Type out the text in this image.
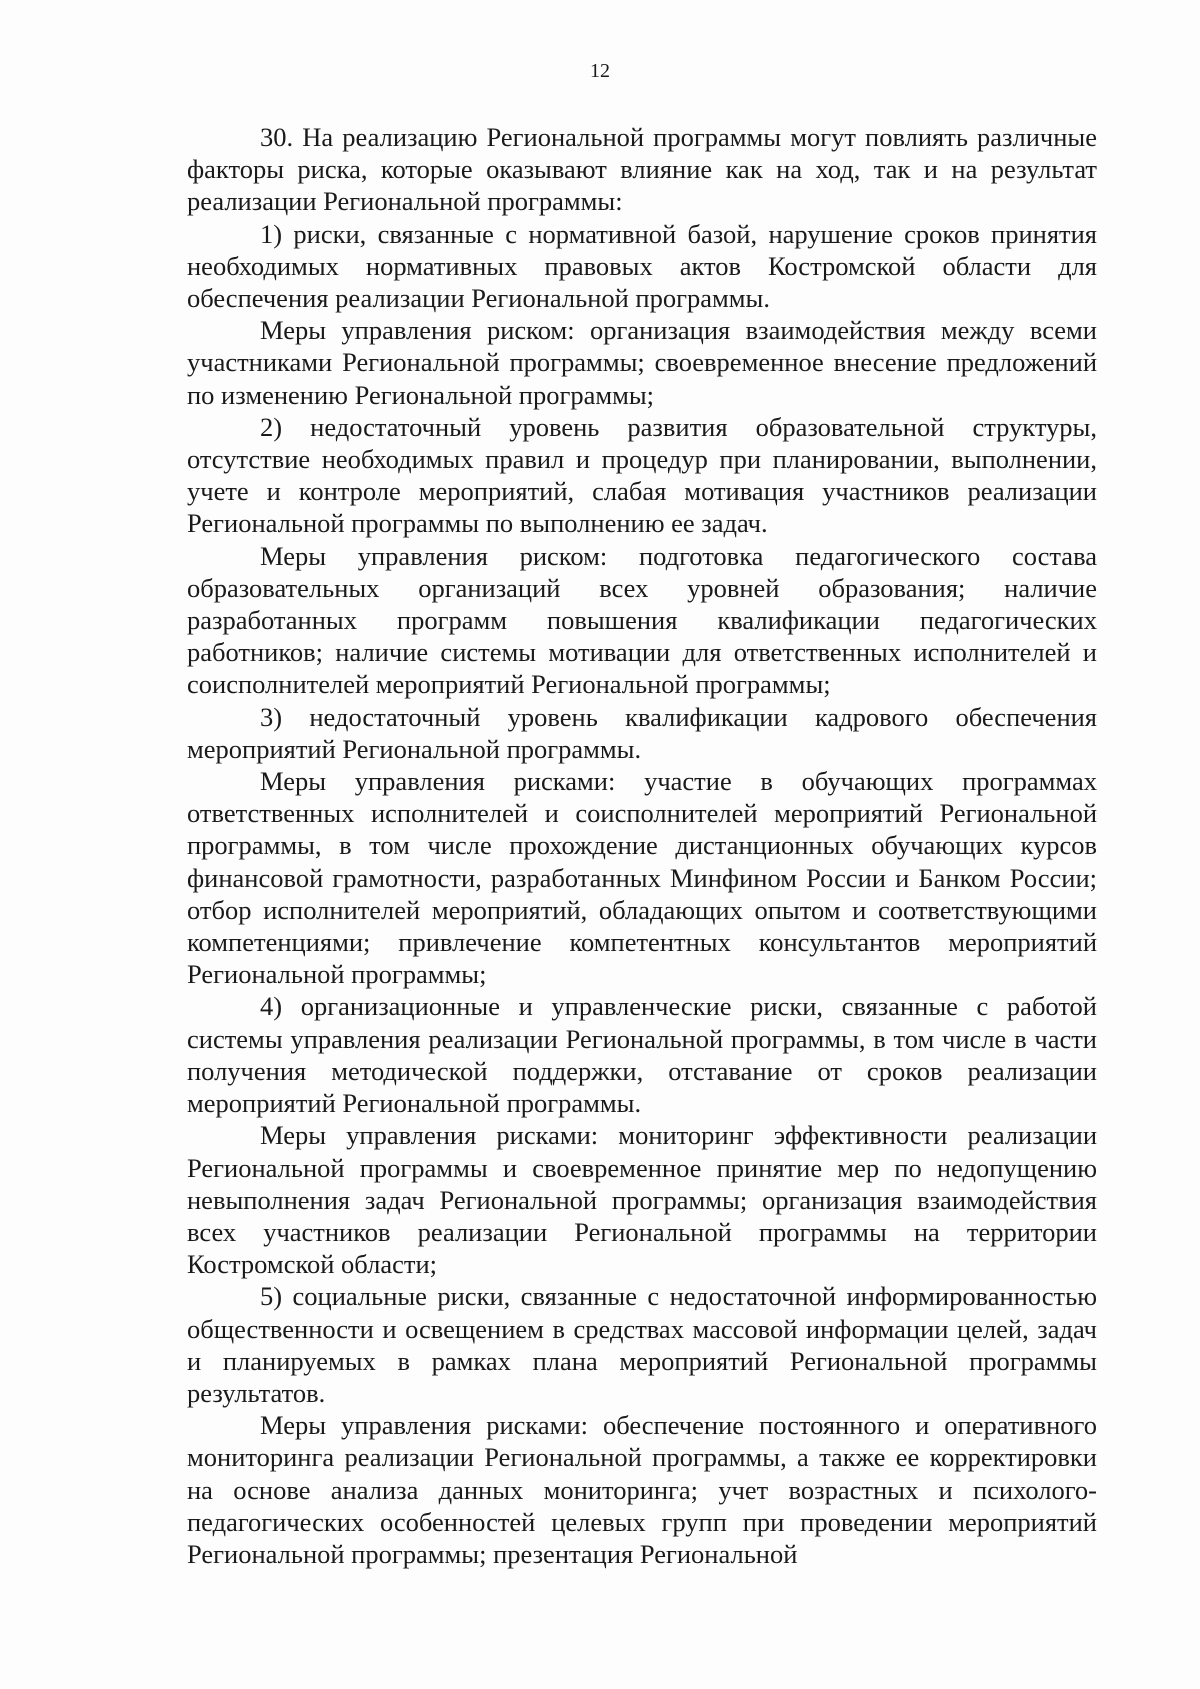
12

30. На реализацию Региональной программы могут повлиять различные факторы риска, которые оказывают влияние как на ход, так и на результат реализации Региональной программы:

1) риски, связанные с нормативной базой, нарушение сроков принятия необходимых нормативных правовых актов Костромской области для обеспечения реализации Региональной программы.

Меры управления риском: организация взаимодействия между всеми участниками Региональной программы; своевременное внесение предложений по изменению Региональной программы;

2) недостаточный уровень развития образовательной структуры, отсутствие необходимых правил и процедур при планировании, выполнении, учете и контроле мероприятий, слабая мотивация участников реализации Региональной программы по выполнению ее задач.

Меры управления риском: подготовка педагогического состава образовательных организаций всех уровней образования; наличие разработанных программ повышения квалификации педагогических работников; наличие системы мотивации для ответственных исполнителей и соисполнителей мероприятий Региональной программы;

3) недостаточный уровень квалификации кадрового обеспечения мероприятий Региональной программы.

Меры управления рисками: участие в обучающих программах ответственных исполнителей и соисполнителей мероприятий Региональной программы, в том числе прохождение дистанционных обучающих курсов финансовой грамотности, разработанных Минфином России и Банком России; отбор исполнителей мероприятий, обладающих опытом и соответствующими компетенциями; привлечение компетентных консультантов мероприятий Региональной программы;

4) организационные и управленческие риски, связанные с работой системы управления реализации Региональной программы, в том числе в части получения методической поддержки, отставание от сроков реализации мероприятий Региональной программы.

Меры управления рисками: мониторинг эффективности реализации Региональной программы и своевременное принятие мер по недопущению невыполнения задач Региональной программы; организация взаимодействия всех участников реализации Региональной программы на территории Костромской области;

5) социальные риски, связанные с недостаточной информированностью общественности и освещением в средствах массовой информации целей, задач и планируемых в рамках плана мероприятий Региональной программы результатов.

Меры управления рисками: обеспечение постоянного и оперативного мониторинга реализации Региональной программы, а также ее корректировки на основе анализа данных мониторинга; учет возрастных и психолого-педагогических особенностей целевых групп при проведении мероприятий Региональной программы; презентация Региональной
